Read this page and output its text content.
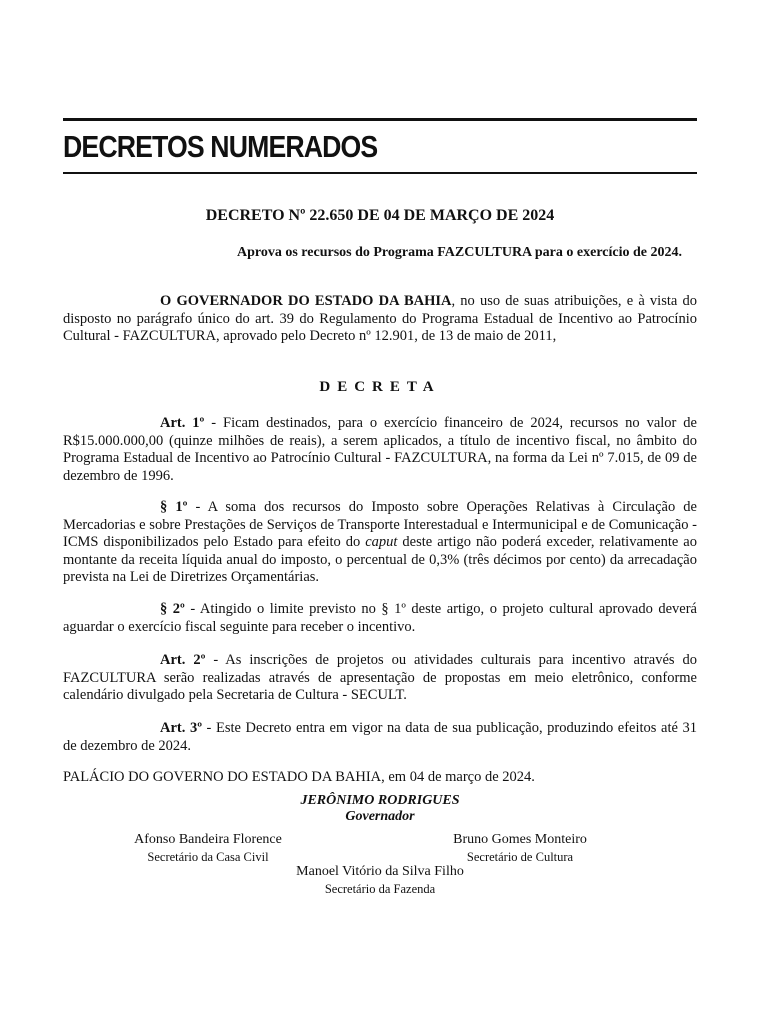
DECRETOS NUMERADOS
DECRETO Nº 22.650 DE 04 DE MARÇO DE 2024

Aprova os recursos do Programa FAZCULTURA para o exercício de 2024.

O GOVERNADOR DO ESTADO DA BAHIA, no uso de suas atribuições, e à vista do disposto no parágrafo único do art. 39 do Regulamento do Programa Estadual de Incentivo ao Patrocínio Cultural - FAZCULTURA, aprovado pelo Decreto nº 12.901, de 13 de maio de 2011,

DECRETA

Art. 1º - Ficam destinados, para o exercício financeiro de 2024, recursos no valor de R$15.000.000,00 (quinze milhões de reais), a serem aplicados, a título de incentivo fiscal, no âmbito do Programa Estadual de Incentivo ao Patrocínio Cultural - FAZCULTURA, na forma da Lei nº 7.015, de 09 de dezembro de 1996.

§ 1º - A soma dos recursos do Imposto sobre Operações Relativas à Circulação de Mercadorias e sobre Prestações de Serviços de Transporte Interestadual e Intermunicipal e de Comunicação - ICMS disponibilizados pelo Estado para efeito do caput deste artigo não poderá exceder, relativamente ao montante da receita líquida anual do imposto, o percentual de 0,3% (três décimos por cento) da arrecadação prevista na Lei de Diretrizes Orçamentárias.

§ 2º - Atingido o limite previsto no § 1º deste artigo, o projeto cultural aprovado deverá aguardar o exercício fiscal seguinte para receber o incentivo.

Art. 2º - As inscrições de projetos ou atividades culturais para incentivo através do FAZCULTURA serão realizadas através de apresentação de propostas em meio eletrônico, conforme calendário divulgado pela Secretaria de Cultura - SECULT.

Art. 3º - Este Decreto entra em vigor na data de sua publicação, produzindo efeitos até 31 de dezembro de 2024.

PALÁCIO DO GOVERNO DO ESTADO DA BAHIA, em 04 de março de 2024.

JERÔNIMO RODRIGUES
Governador
Afonso Bandeira Florence
Secretário da Casa Civil
Bruno Gomes Monteiro
Secretário de Cultura
Manoel Vitório da Silva Filho
Secretário da Fazenda
